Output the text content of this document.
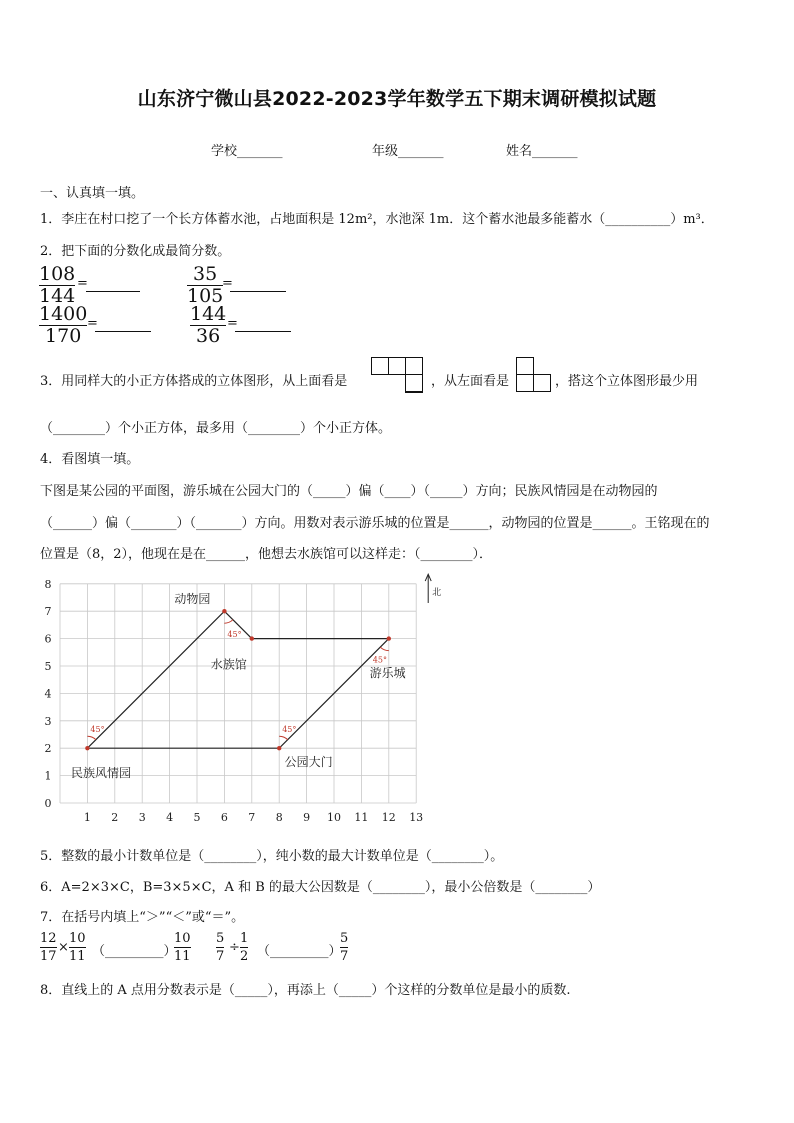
山东济宁微山县2022-2023学年数学五下期末调研模拟试题
学校_______	年级_______	姓名_______
一、认真填一填。
1．李庄在村口挖了一个长方体蓄水池，占地面积是 12m²，水池深 1m．这个蓄水池最多能蓄水（__________）m³．
2．把下面的分数化成最简分数。
108
144
=	35
105
=
1400
170
=	144
36
=
3．用同样大的小正方体搭成的立体图形，从上面看是	，从左面看是	，搭这个立体图形最少用
（________）个小正方体，最多用（________）个小正方体。
4．看图填一填。
下图是某公园的平面图，游乐城在公园大门的（_____）偏（____）（_____）方向；民族风情园是在动物园的
（______）偏（_______）（_______）方向。用数对表示游乐城的位置是______，动物园的位置是______。王铭现在的
位置是（8，2），他现在是在______，他想去水族馆可以这样走：（________）．
1 2 3 4 5 6 7 8 9 10 11 12 13
0
1
2
3
4
5
6
7
8
45°	45°
45°
45°
动物园
水族馆
游乐城
公园大门
民族风情园
北
5．整数的最小计数单位是（________），纯小数的最大计数单位是（________）。
6．A=2×3×C，B=3×5×C，A 和 B 的最大公因数是（________），最小公倍数是（________）
7．在括号内填上“＞”“＜”或“＝”。
12
17
×
10
11 （_________）
10
11
5
7
÷
1
2 （_________）
5
7
8．直线上的 A 点用分数表示是（_____），再添上（_____）个这样的分数单位是最小的质数.
